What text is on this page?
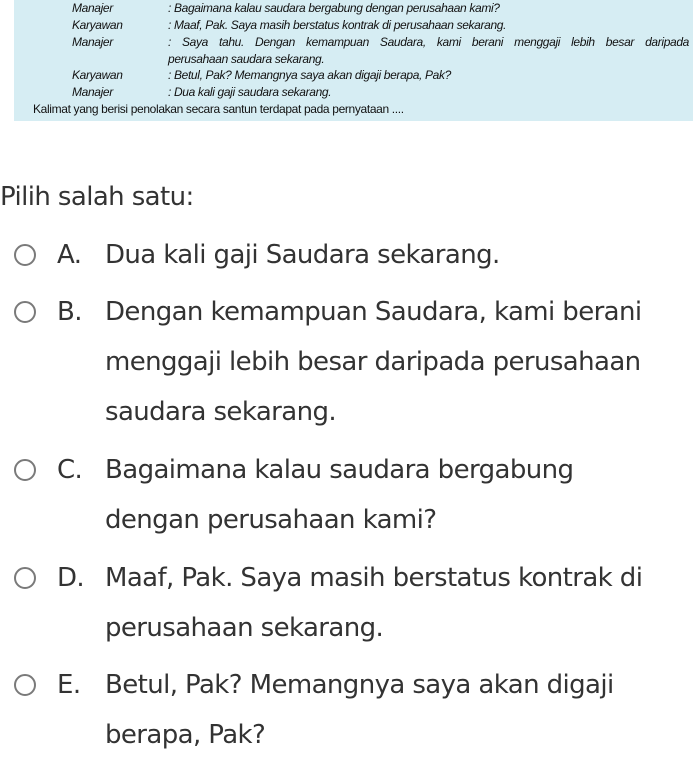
Manajer	: Bagaimana kalau saudara bergabung dengan perusahaan kami?
Karyawan	: Maaf, Pak. Saya masih berstatus kontrak di perusahaan sekarang.
Manajer	: Saya tahu. Dengan kemampuan Saudara, kami berani menggaji lebih besar daripada
perusahaan saudara sekarang.
Karyawan	: Betul, Pak? Memangnya saya akan digaji berapa, Pak?
Manajer	: Dua kali gaji saudara sekarang.
Kalimat yang berisi penolakan secara santun terdapat pada pernyataan ....
Pilih salah satu:
A. Dua kali gaji Saudara sekarang.
B. Dengan kemampuan Saudara, kami berani
menggaji lebih besar daripada perusahaan
saudara sekarang.
C. Bagaimana kalau saudara bergabung
dengan perusahaan kami?
D. Maaf, Pak. Saya masih berstatus kontrak di
perusahaan sekarang.
E. Betul, Pak? Memangnya saya akan digaji
berapa, Pak?
